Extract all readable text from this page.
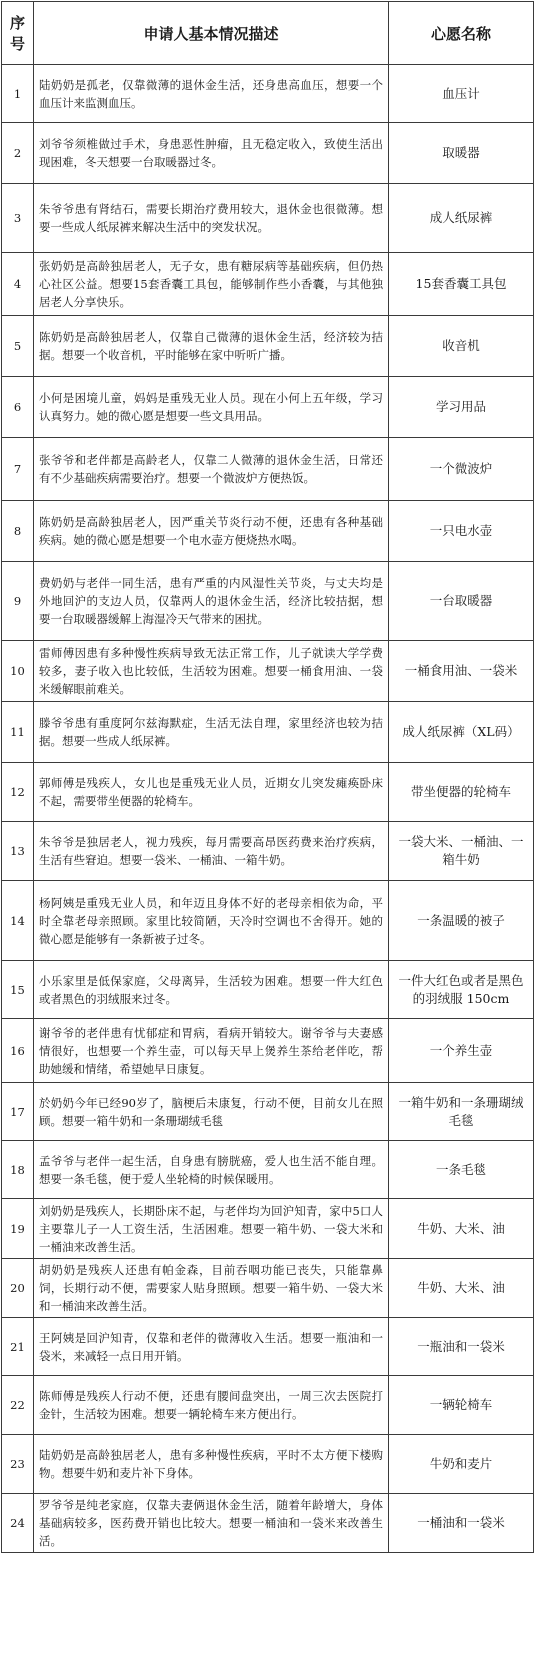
序号	申请人基本情况描述	心愿名称
1	陆奶奶是孤老，仅靠微薄的退休金生活，还身患高血压，想要一个血压计来监测血压。	血压计
2	刘爷爷须椎做过手术，身患恶性肿瘤，且无稳定收入，致使生活出现困难，冬天想要一台取暖器过冬。	取暖器
3	朱爷爷患有肾结石，需要长期治疗费用较大，退休金也很微薄。想要一些成人纸尿裤来解决生活中的突发状况。	成人纸尿裤
4	张奶奶是高龄独居老人，无子女，患有糖尿病等基础疾病，但仍热心社区公益。想要15套香囊工具包，能够制作些小香囊，与其他独居老人分享快乐。	15套香囊工具包
5	陈奶奶是高龄独居老人，仅靠自己微薄的退休金生活，经济较为拮据。想要一个收音机，平时能够在家中听听广播。	收音机
6	小何是困境儿童，妈妈是重残无业人员。现在小何上五年级，学习认真努力。她的微心愿是想要一些文具用品。	学习用品
7	张爷爷和老伴都是高龄老人，仅靠二人微薄的退休金生活，日常还有不少基础疾病需要治疗。想要一个微波炉方便热饭。	一个微波炉
8	陈奶奶是高龄独居老人，因严重关节炎行动不便，还患有各种基础疾病。她的微心愿是想要一个电水壶方便烧热水喝。	一只电水壶
9	费奶奶与老伴一同生活，患有严重的内风湿性关节炎，与丈夫均是外地回沪的支边人员，仅靠两人的退休金生活，经济比较拮据，想要一台取暖器缓解上海湿冷天气带来的困扰。	一台取暖器
10	雷师傅因患有多种慢性疾病导致无法正常工作，儿子就读大学学费较多，妻子收入也比较低，生活较为困难。想要一桶食用油、一袋米缓解眼前难关。	一桶食用油、一袋米
11	滕爷爷患有重度阿尔兹海默症，生活无法自理，家里经济也较为拮据。想要一些成人纸尿裤。	成人纸尿裤（XL码）
12	郭师傅是残疾人，女儿也是重残无业人员，近期女儿突发瘫痪卧床不起，需要带坐便器的轮椅车。	带坐便器的轮椅车
13	朱爷爷是独居老人，视力残疾，每月需要高昂医药费来治疗疾病，生活有些窘迫。想要一袋米、一桶油、一箱牛奶。	一袋大米、一桶油、一箱牛奶
14	杨阿姨是重残无业人员，和年迈且身体不好的老母亲相依为命，平时全靠老母亲照顾。家里比较简陋，天冷时空调也不舍得开。她的微心愿是能够有一条新被子过冬。	一条温暖的被子
15	小乐家里是低保家庭，父母离异，生活较为困难。想要一件大红色或者黑色的羽绒服来过冬。	一件大红色或者是黑色的羽绒服 150cm
16	谢爷爷的老伴患有忧郁症和胃病，看病开销较大。谢爷爷与夫妻感情很好，也想要一个养生壶，可以每天早上煲养生茶给老伴吃，帮助她缓和情绪，希望她早日康复。	一个养生壶
17	於奶奶今年已经90岁了，脑梗后未康复，行动不便，目前女儿在照顾。想要一箱牛奶和一条珊瑚绒毛毯	一箱牛奶和一条珊瑚绒毛毯
18	孟爷爷与老伴一起生活，自身患有膀胱癌，爱人也生活不能自理。想要一条毛毯，便于爱人坐轮椅的时候保暖用。	一条毛毯
19	刘奶奶是残疾人，长期卧床不起，与老伴均为回沪知青，家中5口人主要靠儿子一人工资生活，生活困难。想要一箱牛奶、一袋大米和一桶油来改善生活。	牛奶、大米、油
20	胡奶奶是残疾人还患有帕金森，目前吞咽功能已丧失，只能靠鼻饲，长期行动不便，需要家人贴身照顾。想要一箱牛奶、一袋大米和一桶油来改善生活。	牛奶、大米、油
21	王阿姨是回沪知青，仅靠和老伴的微薄收入生活。想要一瓶油和一袋米，来减轻一点日用开销。	一瓶油和一袋米
22	陈师傅是残疾人行动不便，还患有腰间盘突出，一周三次去医院打金针，生活较为困难。想要一辆轮椅车来方便出行。	一辆轮椅车
23	陆奶奶是高龄独居老人，患有多种慢性疾病，平时不太方便下楼购物。想要牛奶和麦片补下身体。	牛奶和麦片
24	罗爷爷是纯老家庭，仅靠夫妻俩退休金生活，随着年龄增大，身体基础病较多，医药费开销也比较大。想要一桶油和一袋米来改善生活。	一桶油和一袋米
